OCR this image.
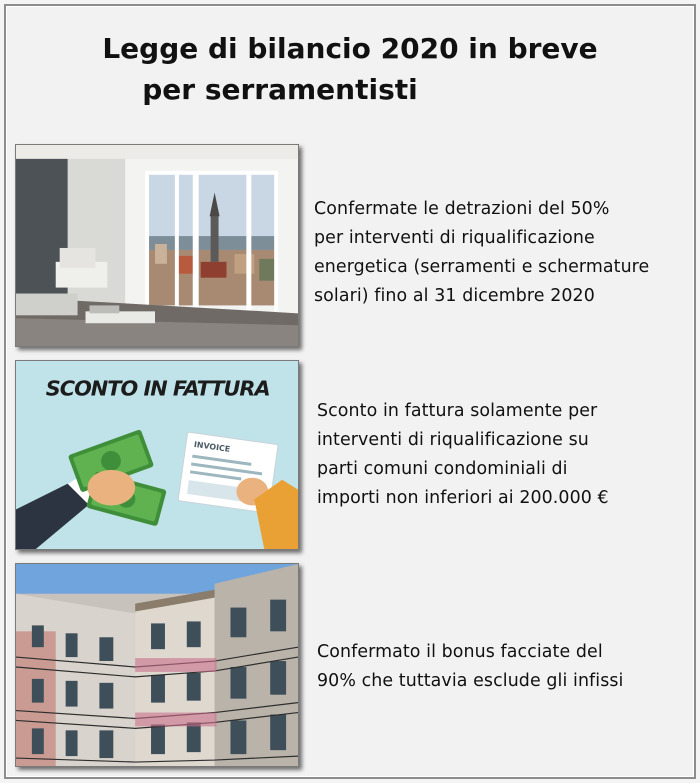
Legge di bilancio 2020 in breve
per serramentisti
SCONTO IN FATTURA
INVOICE
Confermate le detrazioni del 50%
per interventi di riqualificazione
energetica (serramenti e schermature
solari) fino al 31 dicembre 2020
Sconto in fattura solamente per
interventi di riqualificazione su
parti comuni condominiali di
importi non inferiori ai 200.000 €
Confermato il bonus facciate del
90% che tuttavia esclude gli infissi
